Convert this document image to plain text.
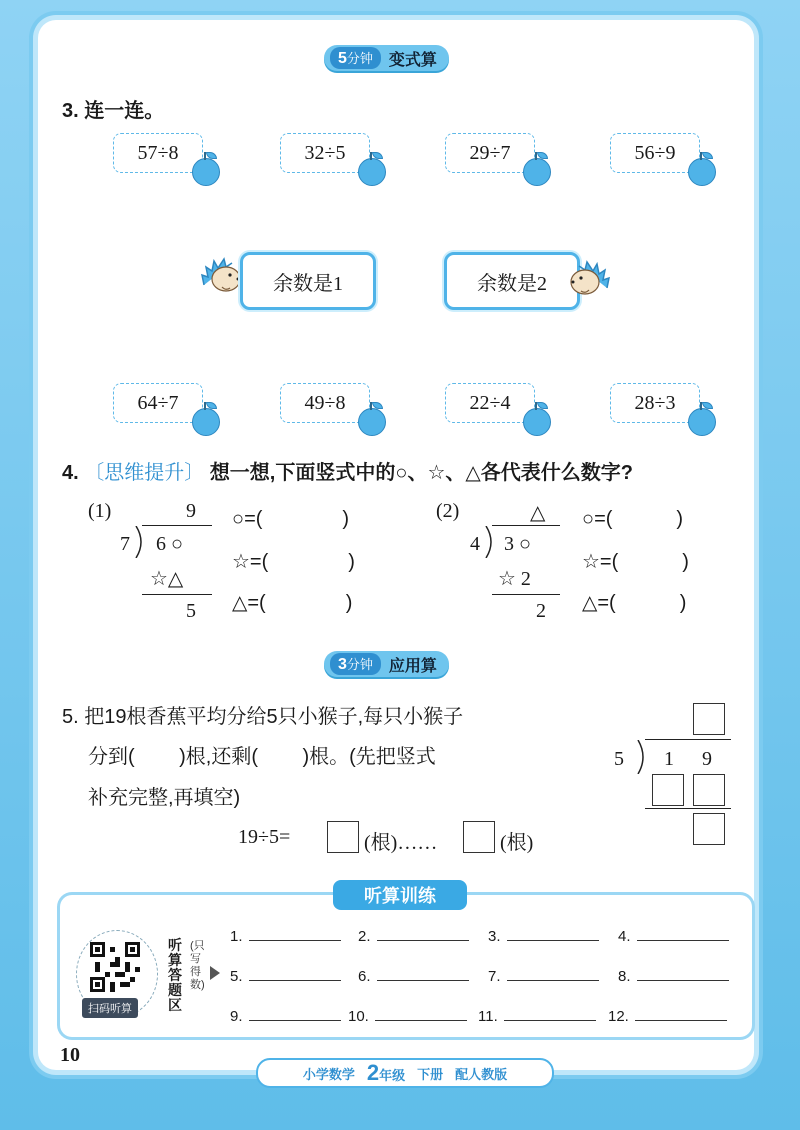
5分钟	变式算
3. 连一连。
57÷8	32÷5	29÷7	56÷9
余数是1	余数是2
64÷7	49÷8	22÷4	28÷3
4. 〔思维提升〕 想一想,下面竖式中的○、☆、△各代表什么数字?
(1)	9
7 6 ○
☆△
5
○=(	)
☆=(	)
△=(	)
(2)	△
4 3 ○
☆ 2
2
○=(	)
☆=(	)
△=(	)
3分钟	应用算
5. 把19根香蕉平均分给5只小猴子,每只小猴子
分到(        )根,还剩(        )根。(先把竖式
补充完整,再填空)
19÷5=	(根)……	(根)
5 1 9
听算训练
扫码听算
听算答题区
(只写得数)
1.	2.	3.	4.
5.	6.	7.	8.
9.	10.	11.	12.
10
小学数学 2年级 下册 配人教版
